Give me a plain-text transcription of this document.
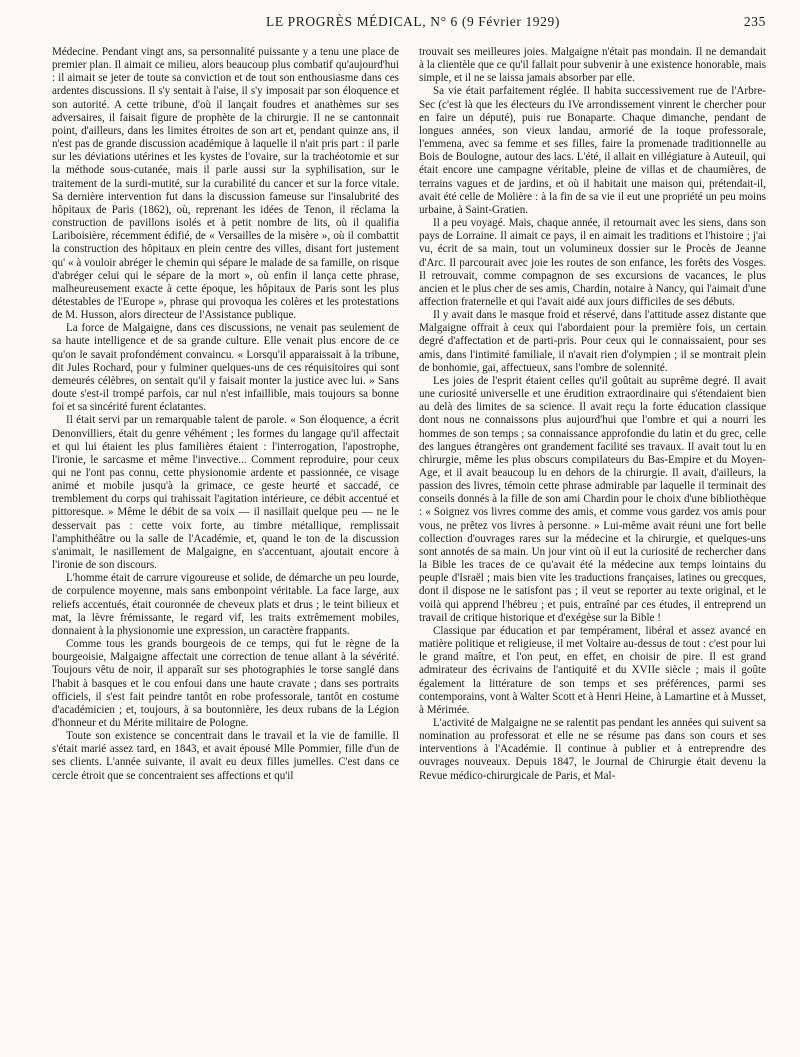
LE PROGRÈS MÉDICAL, N° 6 (9 Février 1929)	235

Médecine. Pendant vingt ans, sa personnalité puissante y a tenu une place de premier plan. Il aimait ce milieu, alors beaucoup plus combatif qu'aujourd'hui : il aimait se jeter de toute sa conviction et de tout son enthousiasme dans ces ardentes discussions. Il s'y sentait à l'aise, il s'y imposait par son éloquence et son autorité. A cette tribune, d'où il lançait foudres et anathèmes sur ses adversaires, il faisait figure de prophète de la chirurgie. Il ne se cantonnait point, d'ailleurs, dans les limites étroites de son art et, pendant quinze ans, il n'est pas de grande discussion académique à laquelle il n'ait pris part : il parle sur les déviations utérines et les kystes de l'ovaire, sur la trachéotomie et sur la méthode sous-cutanée, mais il parle aussi sur la syphilisation, sur le traitement de la surdi-mutité, sur la curabilité du cancer et sur la force vitale. Sa dernière intervention fut dans la discussion fameuse sur l'insalubrité des hôpitaux de Paris (1862), où, reprenant les idées de Tenon, il réclama la construction de pavillons isolés et à petit nombre de lits, où il qualifia Lariboisière, récemment édifié, de « Versailles de la misère », où il combattit la construction des hôpitaux en plein centre des villes, disant fort justement qu' « à vouloir abréger le chemin qui sépare le malade de sa famille, on risque d'abréger celui qui le sépare de la mort », où enfin il lança cette phrase, malheureusement exacte à cette époque, les hôpitaux de Paris sont les plus détestables de l'Europe », phrase qui provoqua les colères et les protestations de M. Husson, alors directeur de l'Assistance publique.

La force de Malgaigne, dans ces discussions, ne venait pas seulement de sa haute intelligence et de sa grande culture. Elle venait plus encore de ce qu'on le savait profondément convaincu. « Lorsqu'il apparaissait à la tribune, dit Jules Rochard, pour y fulminer quelques-uns de ces réquisitoires qui sont demeurés célèbres, on sentait qu'il y faisait monter la justice avec lui. » Sans doute s'est-il trompé parfois, car nul n'est infaillible, mais toujours sa bonne foi et sa sincérité furent éclatantes.

Il était servi par un remarquable talent de parole. « Son éloquence, a écrit Denonvilliers, était du genre véhément ; les formes du langage qu'il affectait et qui lui étaient les plus familières étaient : l'interrogation, l'apostrophe, l'ironie, le sarcasme et même l'invective... Comment reproduire, pour ceux qui ne l'ont pas connu, cette physionomie ardente et passionnée, ce visage animé et mobile jusqu'à la grimace, ce geste heurté et saccadé, ce tremblement du corps qui trahissait l'agitation intérieure, ce débit accentué et pittoresque. » Même le débit de sa voix — il nasillait quelque peu — ne le desservait pas : cette voix forte, au timbre métallique, remplissait l'amphithéâtre ou la salle de l'Académie, et, quand le ton de la discussion s'animait, le nasillement de Malgaigne, en s'accentuant, ajoutait encore à l'ironie de son discours.

L'homme était de carrure vigoureuse et solide, de démarche un peu lourde, de corpulence moyenne, mais sans embonpoint véritable. La face large, aux reliefs accentués, était couronnée de cheveux plats et drus ; le teint bilieux et mat, la lèvre frémissante, le regard vif, les traits extrêmement mobiles, donnaient à la physionomie une expression, un caractère frappants.

Comme tous les grands bourgeois de ce temps, qui fut le règne de la bourgeoisie, Malgaigne affectait une correction de tenue allant à la sévérité. Toujours vêtu de noir, il apparaît sur ses photographies le torse sanglé dans l'habit à basques et le cou enfoui dans une haute cravate ; dans ses portraits officiels, il s'est fait peindre tantôt en robe professorale, tantôt en costume d'académicien ; et, toujours, à sa boutonnière, les deux rubans de la Légion d'honneur et du Mérite militaire de Pologne.

Toute son existence se concentrait dans le travail et la vie de famille. Il s'était marié assez tard, en 1843, et avait épousé Mlle Pommier, fille d'un de ses clients. L'année suivante, il avait eu deux filles jumelles. C'est dans ce cercle étroit que se concentraient ses affections et qu'il

trouvait ses meilleures joies. Malgaigne n'était pas mondain. Il ne demandait à la clientèle que ce qu'il fallait pour subvenir à une existence honorable, mais simple, et il ne se laissa jamais absorber par elle.

Sa vie était parfaitement réglée. Il habita successivement rue de l'Arbre-Sec (c'est là que les électeurs du IVe arrondissement vinrent le chercher pour en faire un député), puis rue Bonaparte. Chaque dimanche, pendant de longues années, son vieux landau, armorié de la toque professorale, l'emmena, avec sa femme et ses filles, faire la promenade traditionnelle au Bois de Boulogne, autour des lacs. L'été, il allait en villégiature à Auteuil, qui était encore une campagne véritable, pleine de villas et de chaumières, de terrains vagues et de jardins, et où il habitait une maison qui, prétendait-il, avait été celle de Molière : à la fin de sa vie il eut une propriété un peu moins urbaine, à Saint-Gratien.

Il a peu voyagé. Mais, chaque année, il retournait avec les siens, dans son pays de Lorraine. Il aimait ce pays, il en aimait les traditions et l'histoire ; j'ai vu, écrit de sa main, tout un volumineux dossier sur le Procès de Jeanne d'Arc. Il parcourait avec joie les routes de son enfance, les forêts des Vosges. Il retrouvait, comme compagnon de ses excursions de vacances, le plus ancien et le plus cher de ses amis, Chardin, notaire à Nancy, qui l'aimait d'une affection fraternelle et qui l'avait aidé aux jours difficiles de ses débuts.

Il y avait dans le masque froid et réservé, dans l'attitude assez distante que Malgaigne offrait à ceux qui l'abordaient pour la première fois, un certain degré d'affectation et de parti-pris. Pour ceux qui le connaissaient, pour ses amis, dans l'intimité familiale, il n'avait rien d'olympien ; il se montrait plein de bonhomie, gai, affectueux, sans l'ombre de solennité.

Les joies de l'esprit étaient celles qu'il goûtait au suprême degré. Il avait une curiosité universelle et une érudition extraordinaire qui s'étendaient bien au delà des limites de sa science. Il avait reçu la forte éducation classique dont nous ne connaissons plus aujourd'hui que l'ombre et qui a nourri les hommes de son temps ; sa connaissance approfondie du latin et du grec, celle des langues étrangères ont grandement facilité ses travaux. Il avait tout lu en chirurgie, même les plus obscurs compilateurs du Bas-Empire et du Moyen-Age, et il avait beaucoup lu en dehors de la chirurgie. Il avait, d'ailleurs, la passion des livres, témoin cette phrase admirable par laquelle il terminait des conseils donnés à la fille de son ami Chardin pour le choix d'une bibliothèque : « Soignez vos livres comme des amis, et comme vous gardez vos amis pour vous, ne prêtez vos livres à personne. » Lui-même avait réuni une fort belle collection d'ouvrages rares sur la médecine et la chirurgie, et quelques-uns sont annotés de sa main. Un jour vint où il eut la curiosité de rechercher dans la Bible les traces de ce qu'avait été la médecine aux temps lointains du peuple d'Israël ; mais bien vite les traductions françaises, latines ou grecques, dont il dispose ne le satisfont pas ; il veut se reporter au texte original, et le voilà qui apprend l'hébreu ; et puis, entraîné par ces études, il entreprend un travail de critique historique et d'exégèse sur la Bible !

Classique par éducation et par tempérament, libéral et assez avancé en matière politique et religieuse, il met Voltaire au-dessus de tout : c'est pour lui le grand maître, et l'on peut, en effet, en choisir de pire. Il est grand admirateur des écrivains de l'antiquité et du XVIIe siècle ; mais il goûte également la littérature de son temps et ses préférences, parmi ses contemporains, vont à Walter Scott et à Henri Heine, à Lamartine et à Musset, à Mérimée.

L'activité de Malgaigne ne se ralentit pas pendant les années qui suivent sa nomination au professorat et elle ne se résume pas dans son cours et ses interventions à l'Académie. Il continue à publier et à entreprendre des ouvrages nouveaux. Depuis 1847, le Journal de Chirurgie était devenu la Revue médico-chirurgicale de Paris, et Mal-
